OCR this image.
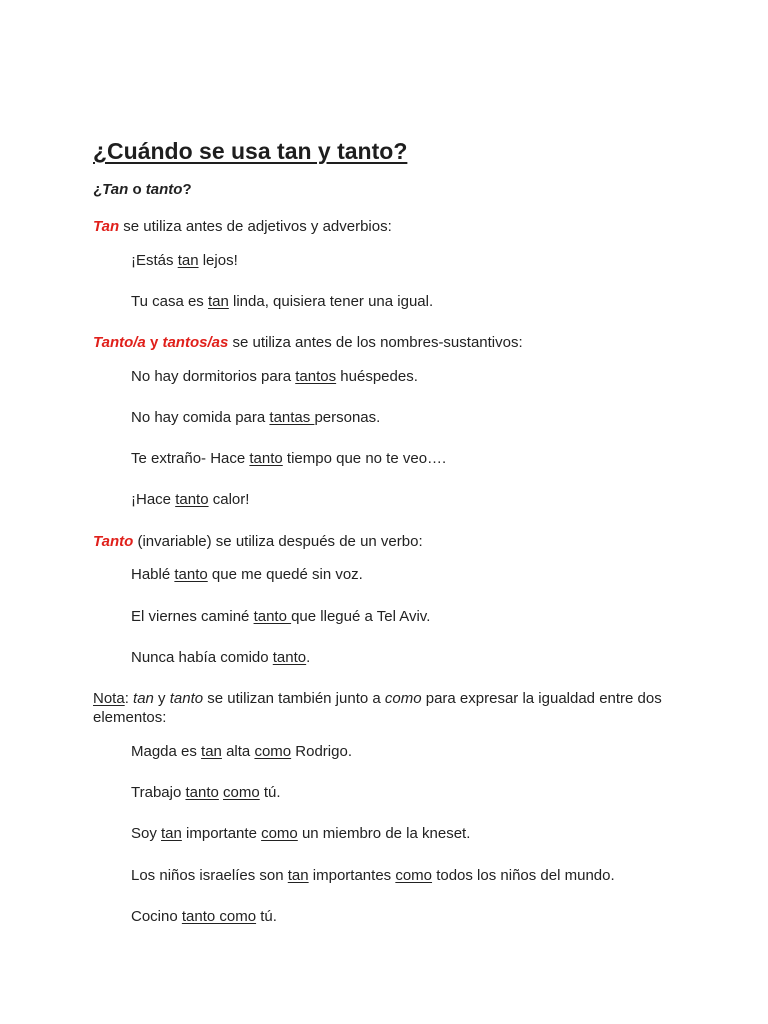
¿Cuándo se usa tan y tanto?
¿Tan o tanto?
Tan se utiliza antes de adjetivos y adverbios:
¡Estás tan lejos!
Tu casa es tan linda, quisiera tener una igual.
Tanto/a y tantos/as se utiliza antes de los nombres-sustantivos:
No hay dormitorios para tantos huéspedes.
No hay comida para tantas personas.
Te extraño- Hace tanto tiempo que no te veo….
¡Hace tanto calor!
Tanto (invariable) se utiliza después de un verbo:
Hablé tanto que me quedé sin voz.
El viernes caminé tanto que llegué a Tel Aviv.
Nunca había comido tanto.
Nota: tan y tanto se utilizan también junto a como para expresar la igualdad entre dos elementos:
Magda es tan alta como Rodrigo.
Trabajo tanto como tú.
Soy tan importante como un miembro de la kneset.
Los niños israelíes son tan importantes como todos los niños del mundo.
Cocino tanto como tú.
